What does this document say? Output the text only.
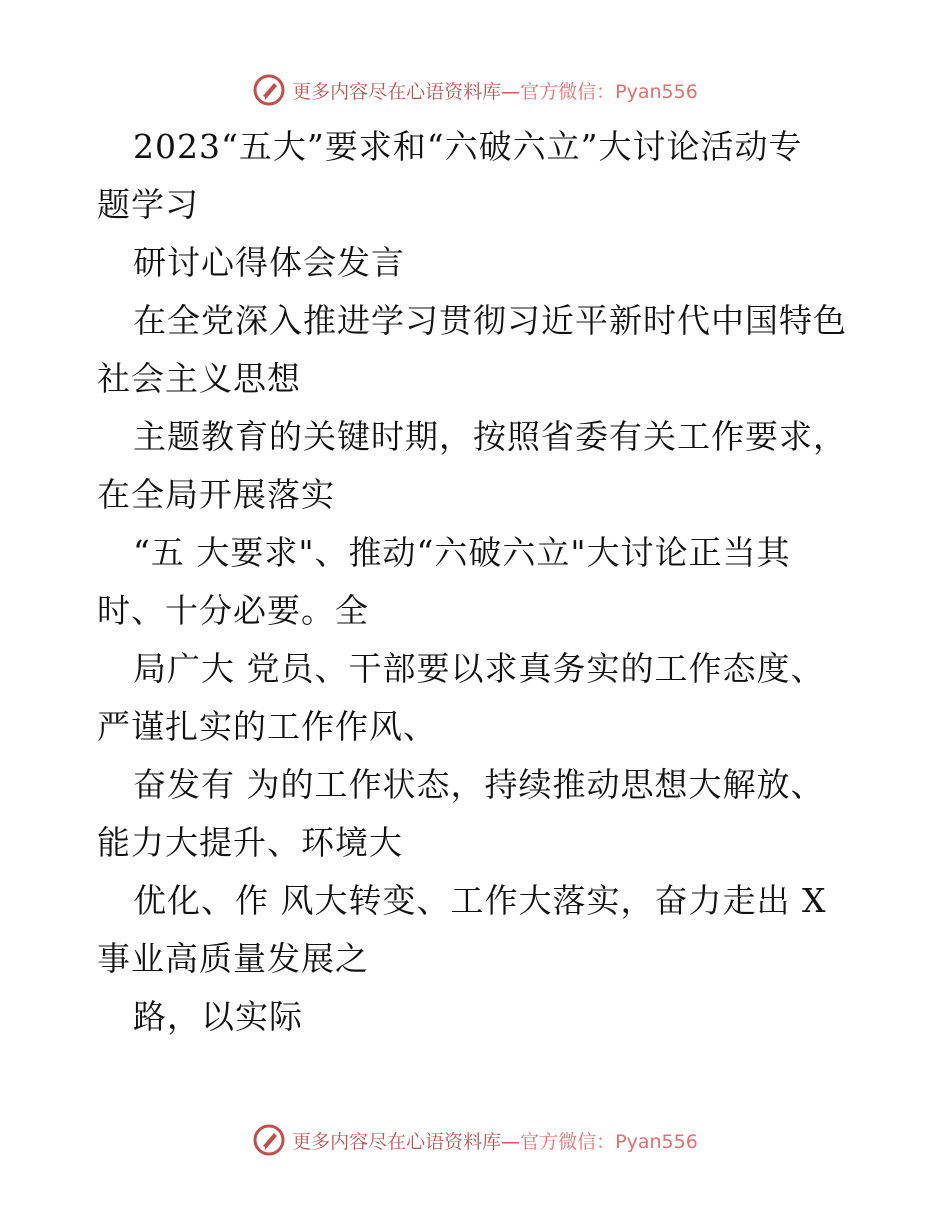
更多内容尽在心语资料库— 官方微信：Pyan556
2023“五大”要求和“六破六立”大讨论活动专
题学习
研讨心得体会发言
在全党深入推进学习贯彻习近平新时代中国特色
社会主义思想
主题教育的关键时期，按照省委有关工作要求，
在全局开展落实
“五 大要求"、推动“六破六立"大讨论正当其
时、十分必要。全
局广大 党员、干部要以求真务实的工作态度、
严谨扎实的工作作风、
奋发有 为的工作状态，持续推动思想大解放、
能力大提升、环境大
优化、作 风大转变、工作大落实，奋力走出 X
事业高质量发展之
路，以实际
更多内容尽在心语资料库— 官方微信：Pyan556
